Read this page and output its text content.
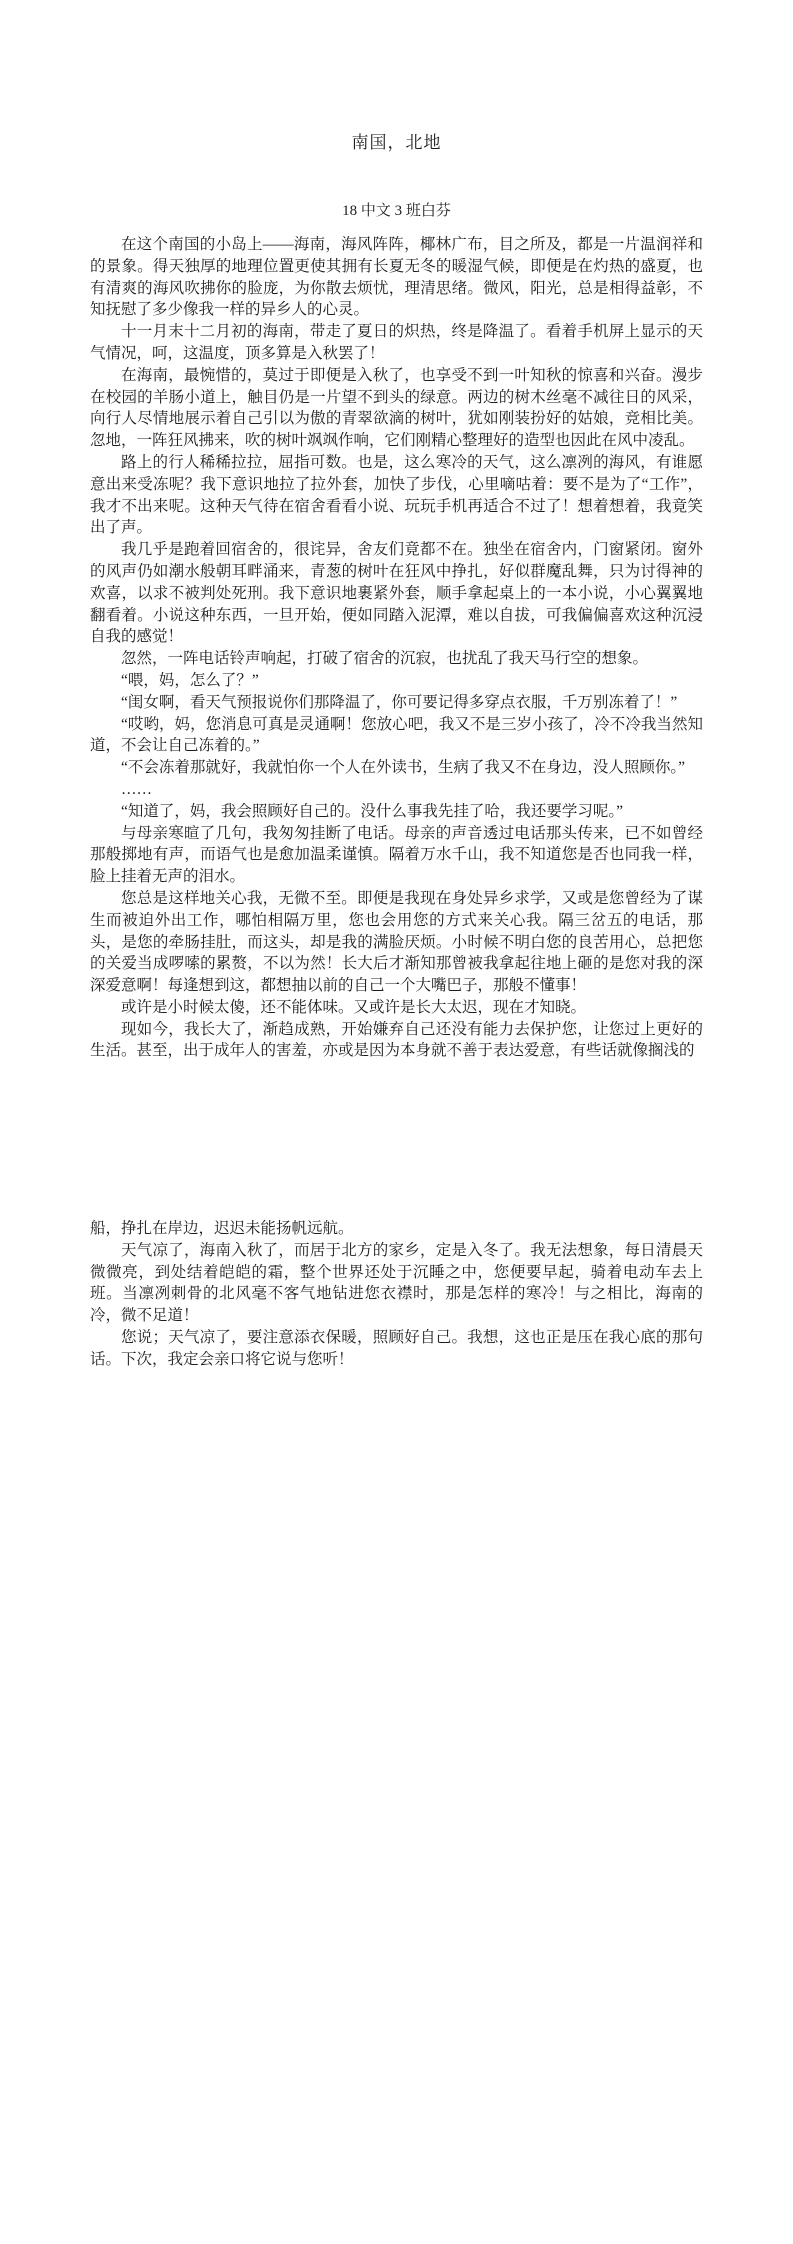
南国，北地
18 中文 3 班白芬

在这个南国的小岛上——海南，海风阵阵，椰林广布，目之所及，都是一片温润祥和的景象。得天独厚的地理位置更使其拥有长夏无冬的暖湿气候，即便是在灼热的盛夏，也有清爽的海风吹拂你的脸庞，为你散去烦忧，理清思绪。微风，阳光，总是相得益彰，不知抚慰了多少像我一样的异乡人的心灵。

十一月末十二月初的海南，带走了夏日的炽热，终是降温了。看着手机屏上显示的天气情况，呵，这温度，顶多算是入秋罢了！

在海南，最惋惜的，莫过于即便是入秋了，也享受不到一叶知秋的惊喜和兴奋。漫步在校园的羊肠小道上，触目仍是一片望不到头的绿意。两边的树木丝毫不减往日的风采，向行人尽情地展示着自己引以为傲的青翠欲滴的树叶，犹如刚装扮好的姑娘，竞相比美。忽地，一阵狂风拂来，吹的树叶飒飒作响，它们刚精心整理好的造型也因此在风中凌乱。

路上的行人稀稀拉拉，屈指可数。也是，这么寒冷的天气，这么凛冽的海风，有谁愿意出来受冻呢？我下意识地拉了拉外套，加快了步伐，心里嘀咕着：要不是为了“工作”，我才不出来呢。这种天气待在宿舍看看小说、玩玩手机再适合不过了！想着想着，我竟笑出了声。

我几乎是跑着回宿舍的，很诧异，舍友们竟都不在。独坐在宿舍内，门窗紧闭。窗外的风声仍如潮水般朝耳畔涌来，青葱的树叶在狂风中挣扎，好似群魔乱舞，只为讨得神的欢喜，以求不被判处死刑。我下意识地裹紧外套，顺手拿起桌上的一本小说，小心翼翼地翻看着。小说这种东西，一旦开始，便如同踏入泥潭，难以自拔，可我偏偏喜欢这种沉浸自我的感觉！

忽然，一阵电话铃声响起，打破了宿舍的沉寂，也扰乱了我天马行空的想象。

“喂，妈，怎么了？”

“闺女啊，看天气预报说你们那降温了，你可要记得多穿点衣服，千万别冻着了！”

“哎哟，妈，您消息可真是灵通啊！您放心吧，我又不是三岁小孩了，冷不冷我当然知道，不会让自己冻着的。”

“不会冻着那就好，我就怕你一个人在外读书，生病了我又不在身边，没人照顾你。”

……

“知道了，妈，我会照顾好自己的。没什么事我先挂了哈，我还要学习呢。”

与母亲寒暄了几句，我匆匆挂断了电话。母亲的声音透过电话那头传来，已不如曾经那般掷地有声，而语气也是愈加温柔谨慎。隔着万水千山，我不知道您是否也同我一样，脸上挂着无声的泪水。

您总是这样地关心我，无微不至。即便是我现在身处异乡求学，又或是您曾经为了谋生而被迫外出工作，哪怕相隔万里，您也会用您的方式来关心我。隔三岔五的电话，那头，是您的牵肠挂肚，而这头，却是我的满脸厌烦。小时候不明白您的良苦用心，总把您的关爱当成啰嗦的累赘，不以为然！长大后才渐知那曾被我拿起往地上砸的是您对我的深深爱意啊！每逢想到这，都想抽以前的自己一个大嘴巴子，那般不懂事！

或许是小时候太傻，还不能体味。又或许是长大太迟，现在才知晓。

现如今，我长大了，渐趋成熟，开始嫌弃自己还没有能力去保护您，让您过上更好的生活。甚至，出于成年人的害羞，亦或是因为本身就不善于表达爱意，有些话就像搁浅的

船，挣扎在岸边，迟迟未能扬帆远航。

天气凉了，海南入秋了，而居于北方的家乡，定是入冬了。我无法想象，每日清晨天微微亮，到处结着皑皑的霜，整个世界还处于沉睡之中，您便要早起，骑着电动车去上班。当凛冽刺骨的北风毫不客气地钻进您衣襟时，那是怎样的寒冷！与之相比，海南的冷，微不足道！

您说；天气凉了，要注意添衣保暖，照顾好自己。我想，这也正是压在我心底的那句话。下次，我定会亲口将它说与您听！
